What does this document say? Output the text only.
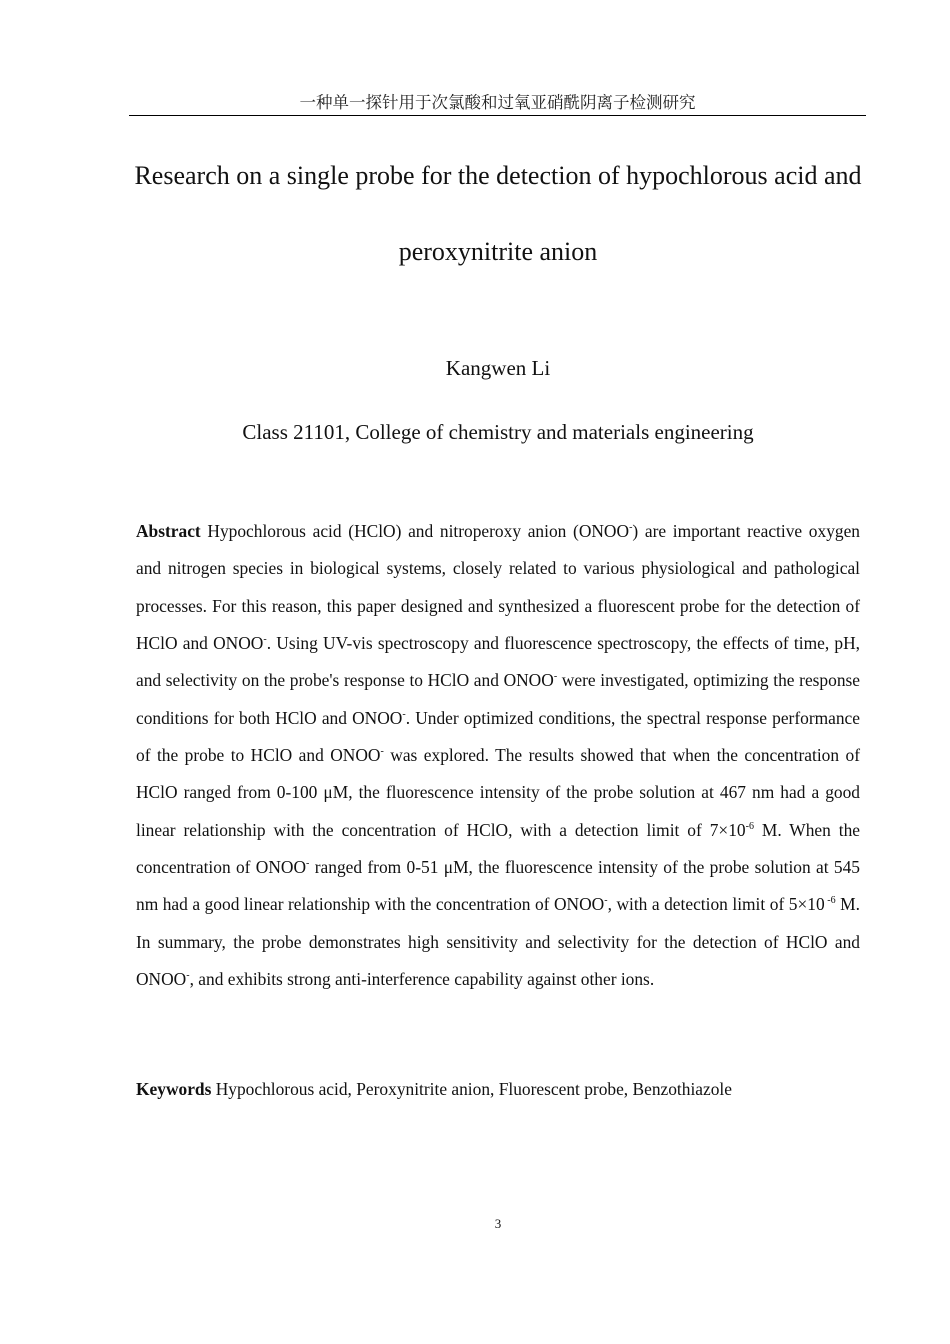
一种单一探针用于次氯酸和过氧亚硝酰阴离子检测研究
Research on a single probe for the detection of hypochlorous acid and peroxynitrite anion
Kangwen Li
Class 21101, College of chemistry and materials engineering

Abstract Hypochlorous acid (HClO) and nitroperoxy anion (ONOO-) are important reactive oxygen and nitrogen species in biological systems, closely related to various physiological and pathological processes. For this reason, this paper designed and synthesized a fluorescent probe for the detection of HClO and ONOO-. Using UV-vis spectroscopy and fluorescence spectroscopy, the effects of time, pH, and selectivity on the probe's response to HClO and ONOO- were investigated, optimizing the response conditions for both HClO and ONOO-. Under optimized conditions, the spectral response performance of the probe to HClO and ONOO- was explored. The results showed that when the concentration of HClO ranged from 0-100 μM, the fluorescence intensity of the probe solution at 467 nm had a good linear relationship with the concentration of HClO, with a detection limit of $7\times 10^{-6}$ M. When the concentration of ONOO- ranged from 0-51 μM, the fluorescence intensity of the probe solution at 545 nm had a good linear relationship with the concentration of ONOO-, with a detection limit of 5×10 $^{-6}$ M. In summary, the probe demonstrates high sensitivity and selectivity for the detection of HClO and ONOO-, and exhibits strong anti-interference capability against other ions.

Keywords Hypochlorous acid, Peroxynitrite anion, Fluorescent probe, Benzothiazole

3
